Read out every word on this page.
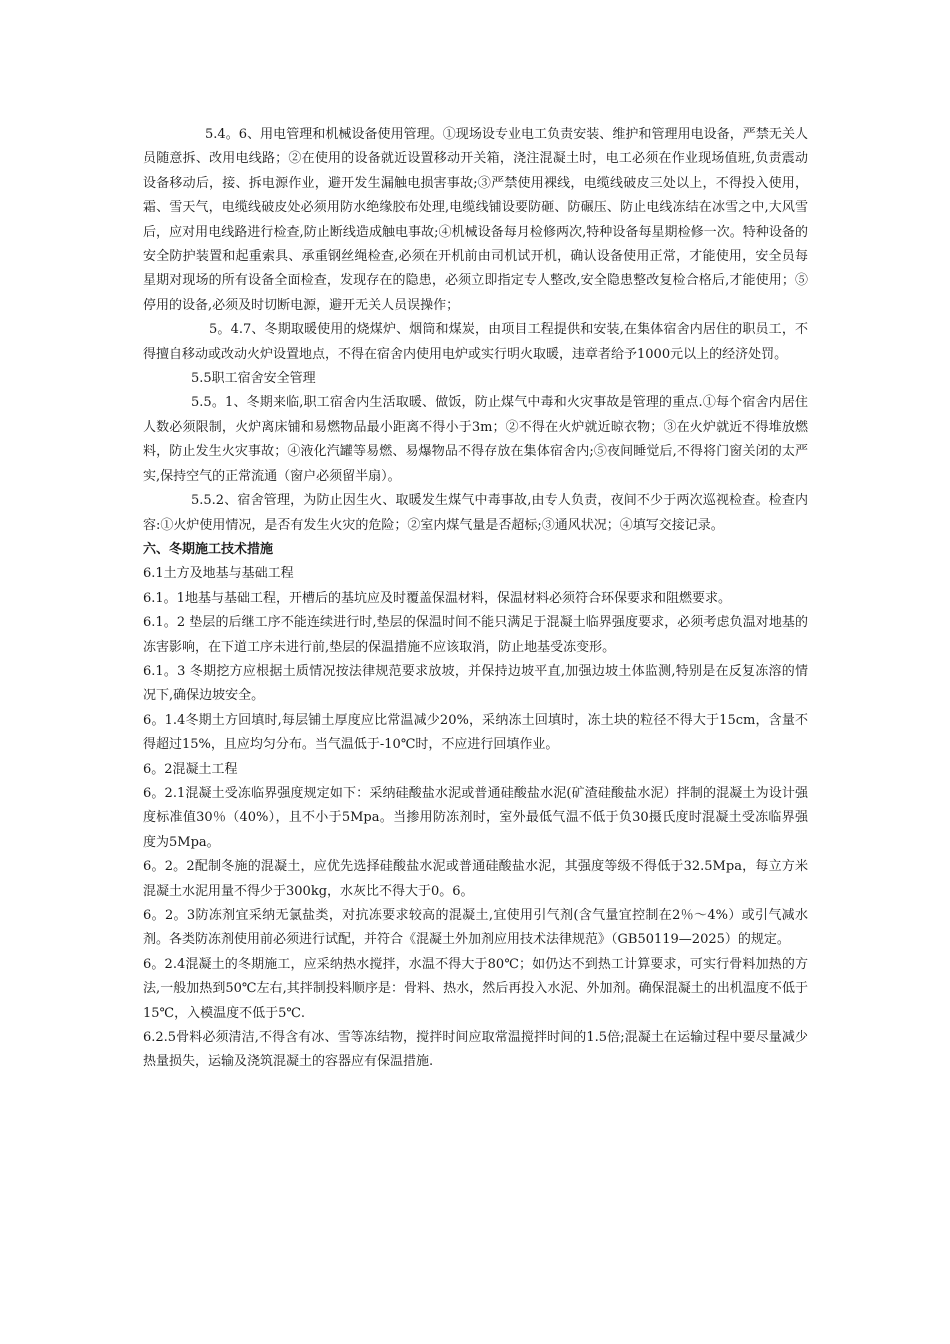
5.4。6、用电管理和机械设备使用管理。①现场设专业电工负责安装、维护和管理用电设备，严禁无关人员随意拆、改用电线路；②在使用的设备就近设置移动开关箱，浇注混凝土时，电工必须在作业现场值班,负责震动设备移动后，接、拆电源作业，避开发生漏触电损害事故;③严禁使用裸线，电缆线破皮三处以上，不得投入使用，霜、雪天气，电缆线破皮处必须用防水绝缘胶布处理,电缆线铺设要防砸、防碾压、防止电线冻结在冰雪之中,大风雪后，应对用电线路进行检查,防止断线造成触电事故;④机械设备每月检修两次,特种设备每星期检修一次。特种设备的安全防护装置和起重索具、承重钢丝绳检查,必须在开机前由司机试开机，确认设备使用正常，才能使用，安全员每星期对现场的所有设备全面检查，发现存在的隐患，必须立即指定专人整改,安全隐患整改复检合格后,才能使用；⑤停用的设备,必须及时切断电源，避开无关人员误操作；

5。4.7、冬期取暖使用的烧煤炉、烟筒和煤炭，由项目工程提供和安装,在集体宿舍内居住的职员工，不得擅自移动或改动火炉设置地点，不得在宿舍内使用电炉或实行明火取暖，违章者给予1000元以上的经济处罚。

5.5职工宿舍安全管理

5.5。1、冬期来临,职工宿舍内生活取暖、做饭，防止煤气中毒和火灾事故是管理的重点.①每个宿舍内居住人数必须限制，火炉离床铺和易燃物品最小距离不得小于3m；②不得在火炉就近晾衣物；③在火炉就近不得堆放燃料，防止发生火灾事故；④液化汽罐等易燃、易爆物品不得存放在集体宿舍内;⑤夜间睡觉后,不得将门窗关闭的太严实,保持空气的正常流通（窗户必须留半扇）。

5.5.2、宿舍管理，为防止因生火、取暖发生煤气中毒事故,由专人负责，夜间不少于两次巡视检查。检查内容:①火炉使用情况，是否有发生火灾的危险；②室内煤气量是否超标;③通风状况；④填写交接记录。

六、冬期施工技术措施

6.1土方及地基与基础工程

6.1。1地基与基础工程，开槽后的基坑应及时覆盖保温材料，保温材料必须符合环保要求和阻燃要求。

6.1。2 垫层的后继工序不能连续进行时,垫层的保温时间不能只满足于混凝土临界强度要求，必须考虑负温对地基的冻害影响，在下道工序未进行前,垫层的保温措施不应该取消，防止地基受冻变形。

6.1。3 冬期挖方应根据土质情况按法律规范要求放坡，并保持边坡平直,加强边坡土体监测,特别是在反复冻溶的情况下,确保边坡安全。

6。1.4冬期土方回填时,每层铺土厚度应比常温减少20%，采纳冻土回填时，冻土块的粒径不得大于15cm，含量不得超过15%，且应均匀分布。当气温低于-10℃时，不应进行回填作业。

6。2混凝土工程

6。2.1混凝土受冻临界强度规定如下：采纳硅酸盐水泥或普通硅酸盐水泥(矿渣硅酸盐水泥）拌制的混凝土为设计强度标准值30％（40%），且不小于5Mpa。当掺用防冻剂时，室外最低气温不低于负30摄氏度时混凝土受冻临界强度为5Mpa。

6。2。2配制冬施的混凝土，应优先选择硅酸盐水泥或普通硅酸盐水泥，其强度等级不得低于32.5Mpa，每立方米混凝土水泥用量不得少于300kg，水灰比不得大于0。6。

6。2。3防冻剂宜采纳无氯盐类，对抗冻要求较高的混凝土,宜使用引气剂(含气量宜控制在2％～4%）或引气减水剂。各类防冻剂使用前必须进行试配，并符合《混凝土外加剂应用技术法律规范》（GB50119—2025）的规定。

6。2.4混凝土的冬期施工，应采纳热水搅拌，水温不得大于80℃；如仍达不到热工计算要求，可实行骨料加热的方法,一般加热到50℃左右,其拌制投料顺序是：骨料、热水，然后再投入水泥、外加剂。确保混凝土的出机温度不低于15℃，入模温度不低于5℃.

6.2.5骨料必须清洁,不得含有冰、雪等冻结物，搅拌时间应取常温搅拌时间的1.5倍;混凝土在运输过程中要尽量减少热量损失，运输及浇筑混凝土的容器应有保温措施.
